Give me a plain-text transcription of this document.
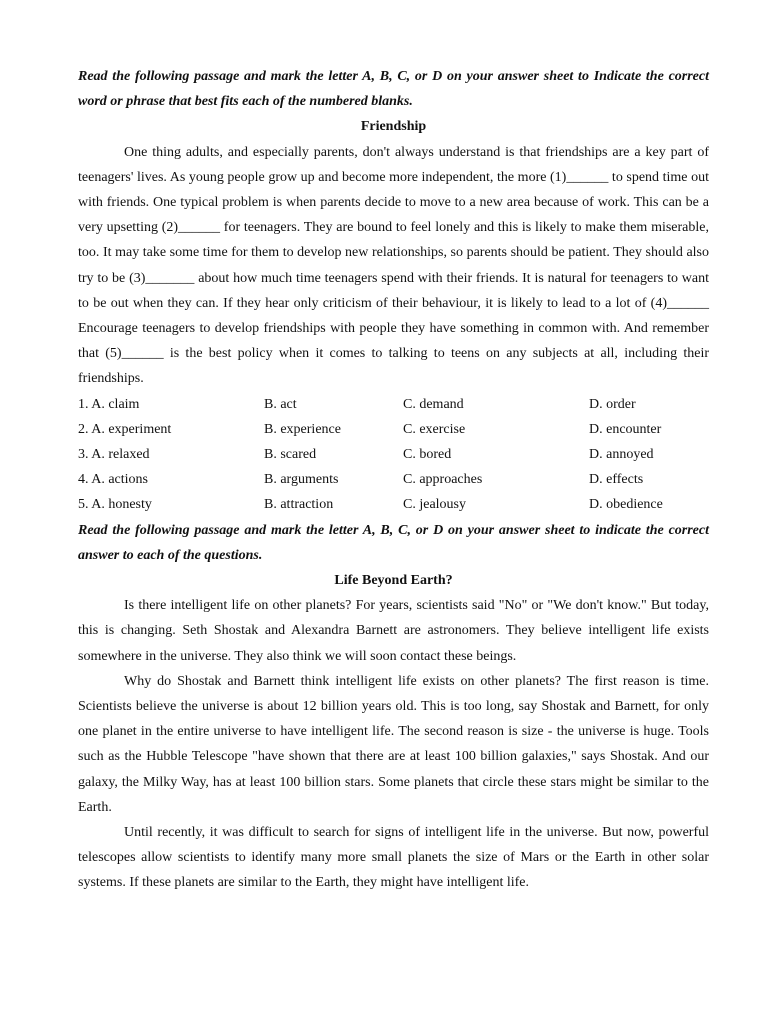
Read the following passage and mark the letter A, B, C, or D on your answer sheet to Indicate the correct word or phrase that best fits each of the numbered blanks.
Friendship
One thing adults, and especially parents, don't always understand is that friendships are a key part of teenagers' lives. As young people grow up and become more independent, the more (1)______ to spend time out with friends. One typical problem is when parents decide to move to a new area because of work. This can be a very upsetting (2)______ for teenagers. They are bound to feel lonely and this is likely to make them miserable, too. It may take some time for them to develop new relationships, so parents should be patient. They should also try to be (3)_______ about how much time teenagers spend with their friends. It is natural for teenagers to want to be out when they can. If they hear only criticism of their behaviour, it is likely to lead to a lot of (4)______ Encourage teenagers to develop friendships with people they have something in common with. And remember that (5)______ is the best policy when it comes to talking to teens on any subjects at all, including their friendships.
1. A. claim	B. act	C. demand	D. order
2. A. experiment	B. experience	C. exercise	D. encounter
3. A. relaxed	B. scared	C. bored	D. annoyed
4. A. actions	B. arguments	C. approaches	D. effects
5. A. honesty	B. attraction	C. jealousy	D. obedience
Read the following passage and mark the letter A, B, C, or D on your answer sheet to indicate the correct answer to each of the questions.
Life Beyond Earth?
Is there intelligent life on other planets? For years, scientists said "No" or "We don't know." But today, this is changing. Seth Shostak and Alexandra Barnett are astronomers. They believe intelligent life exists somewhere in the universe. They also think we will soon contact these beings.
Why do Shostak and Barnett think intelligent life exists on other planets? The first reason is time. Scientists believe the universe is about 12 billion years old. This is too long, say Shostak and Barnett, for only one planet in the entire universe to have intelligent life. The second reason is size - the universe is huge. Tools such as the Hubble Telescope "have shown that there are at least 100 billion galaxies," says Shostak. And our galaxy, the Milky Way, has at least 100 billion stars. Some planets that circle these stars might be similar to the Earth.
Until recently, it was difficult to search for signs of intelligent life in the universe. But now, powerful telescopes allow scientists to identify many more small planets the size of Mars or the Earth in other solar systems. If these planets are similar to the Earth, they might have intelligent life.
